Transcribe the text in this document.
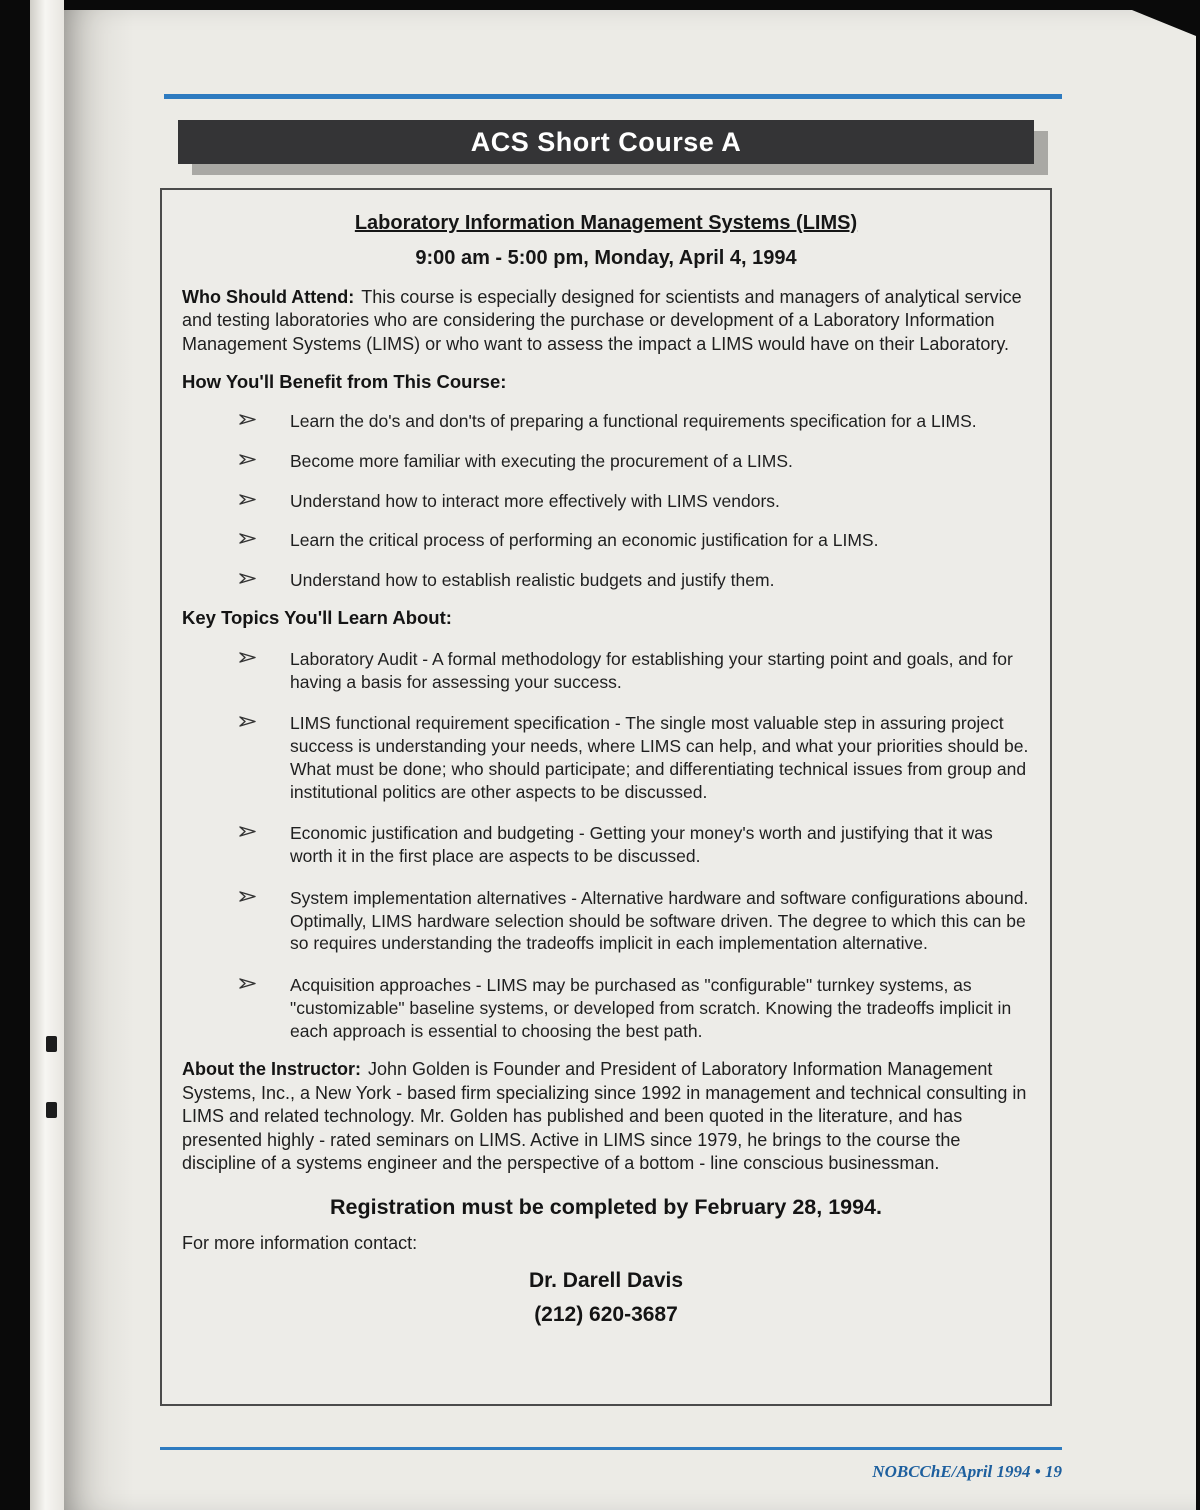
ACS Short Course A
Laboratory Information Management Systems (LIMS)
9:00 am - 5:00 pm, Monday, April 4, 1994

Who Should Attend: This course is especially designed for scientists and managers of analytical service and testing laboratories who are considering the purchase or development of a Laboratory Information Management Systems (LIMS) or who want to assess the impact a LIMS would have on their Laboratory.

How You'll Benefit from This Course:
Learn the do's and don'ts of preparing a functional requirements specification for a LIMS.
Become more familiar with executing the procurement of a LIMS.
Understand how to interact more effectively with LIMS vendors.
Learn the critical process of performing an economic justification for a LIMS.
Understand how to establish realistic budgets and justify them.
Key Topics You'll Learn About:
Laboratory Audit - A formal methodology for establishing your starting point and goals, and for having a basis for assessing your success.
LIMS functional requirement specification - The single most valuable step in assuring project success is understanding your needs, where LIMS can help, and what your priorities should be. What must be done; who should participate; and differentiating technical issues from group and institutional politics are other aspects to be discussed.
Economic justification and budgeting - Getting your money's worth and justifying that it was worth it in the first place are aspects to be discussed.
System implementation alternatives - Alternative hardware and software configurations abound. Optimally, LIMS hardware selection should be software driven. The degree to which this can be so requires understanding the tradeoffs implicit in each implementation alternative.
Acquisition approaches - LIMS may be purchased as "configurable" turnkey systems, as "customizable" baseline systems, or developed from scratch. Knowing the tradeoffs implicit in each approach is essential to choosing the best path.

About the Instructor: John Golden is Founder and President of Laboratory Information Management Systems, Inc., a New York - based firm specializing since 1992 in management and technical consulting in LIMS and related technology. Mr. Golden has published and been quoted in the literature, and has presented highly - rated seminars on LIMS. Active in LIMS since 1979, he brings to the course the discipline of a systems engineer and the perspective of a bottom - line conscious businessman.

Registration must be completed by February 28, 1994.

For more information contact:

Dr. Darell Davis
(212) 620-3687
NOBCChE/April 1994 • 19
